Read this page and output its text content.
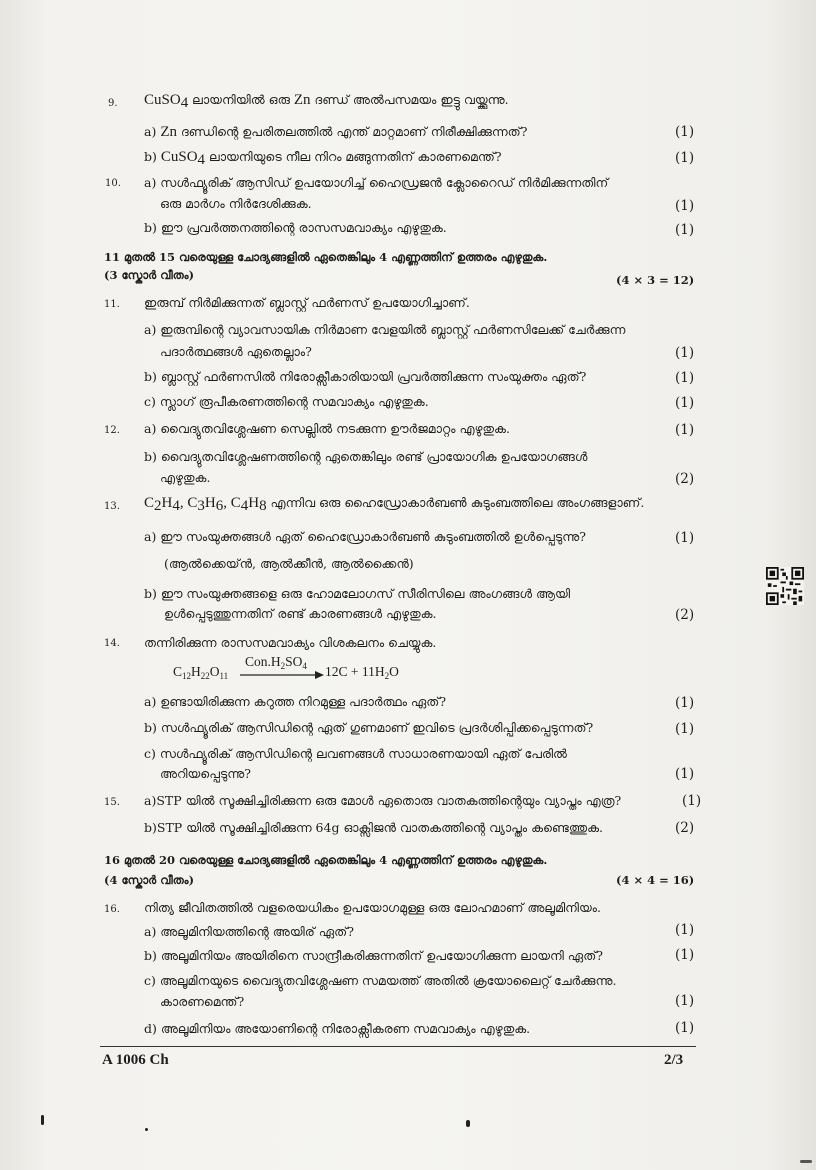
9. CuSO$_4$ ലായനിയിൽ ഒരു Zn ദണ്ഡ് അൽപസമയം ഇട്ടു വയ്ക്കുന്നു.
a) Zn ദണ്ഡിന്റെ ഉപരിതലത്തിൽ എന്ത് മാറ്റമാണ് നിരീക്ഷിക്കുന്നത്?	(1)
b) CuSO$_4$ ലായനിയുടെ നീല നിറം മങ്ങുന്നതിന് കാരണമെന്ത്?	(1)
10. a) സൾഫ്യൂരിക് ആസിഡ് ഉപയോഗിച്ച് ഹൈഡ്രജൻ ക്ലോറൈഡ് നിർമിക്കുന്നതിന്
ഒരു മാർഗം നിർദേശിക്കുക.	(1)
b) ഈ പ്രവർത്തനത്തിന്റെ രാസസമവാക്യം എഴുതുക.	(1)
11 മുതൽ 15 വരെയുള്ള ചോദ്യങ്ങളിൽ ഏതെങ്കിലും 4 എണ്ണത്തിന് ഉത്തരം എഴുതുക.
(3 സ്കോർ വീതം)	(4 × 3 = 12)
11. ഇരുമ്പ് നിർമിക്കുന്നത് ബ്ലാസ്റ്റ് ഫർണസ് ഉപയോഗിച്ചാണ്.
a) ഇരുമ്പിന്റെ വ്യാവസായിക നിർമാണ വേളയിൽ ബ്ലാസ്റ്റ് ഫർണസിലേക്ക് ചേർക്കുന്ന
പദാർത്ഥങ്ങൾ ഏതെല്ലാം?	(1)
b) ബ്ലാസ്റ്റ് ഫർണസിൽ നിരോക്സീകാരിയായി പ്രവർത്തിക്കുന്ന സംയുക്തം ഏത്?	(1)
c) സ്ലാഗ് രൂപീകരണത്തിന്റെ സമവാക്യം എഴുതുക.	(1)
12. a) വൈദ്യുതവിശ്ലേഷണ സെല്ലിൽ നടക്കുന്ന ഊർജമാറ്റം എഴുതുക.	(1)
b) വൈദ്യുതവിശ്ലേഷണത്തിന്റെ ഏതെങ്കിലും രണ്ട് പ്രായോഗിക ഉപയോഗങ്ങൾ
എഴുതുക.	(2)
13. $C_2H_4$, $C_3H_6$, $C_4H_8$ എന്നിവ ഒരു ഹൈഡ്രോകാർബൺ കുടുംബത്തിലെ അംഗങ്ങളാണ്.
a) ഈ സംയുക്തങ്ങൾ ഏത് ഹൈഡ്രോകാർബൺ കുടുംബത്തിൽ ഉൾപ്പെടുന്നു?	(1)
(ആൽക്കെയ്ൻ, ആൽക്കീൻ, ആൽക്കൈൻ)
b) ഈ സംയുക്തങ്ങളെ ഒരു ഹോമലോഗസ് സീരിസിലെ അംഗങ്ങൾ ആയി
ഉൾപ്പെടുത്തുന്നതിന് രണ്ട് കാരണങ്ങൾ എഴുതുക.	(2)
14. തന്നിരിക്കുന്ന രാസസമവാക്യം വിശകലനം ചെയ്യുക.
$Con.H_2SO_4$
$C_{12}H_{22}O_{11}$	$12C + 11H_2O$
a) ഉണ്ടായിരിക്കുന്ന കറുത്ത നിറമുള്ള പദാർത്ഥം ഏത്?	(1)
b) സൾഫ്യൂരിക് ആസിഡിന്റെ ഏത് ഗുണമാണ് ഇവിടെ പ്രദർശിപ്പിക്കപ്പെടുന്നത്?	(1)
c) സൾഫ്യൂരിക് ആസിഡിന്റെ ലവണങ്ങൾ സാധാരണയായി ഏത് പേരിൽ
അറിയപ്പെടുന്നു?	(1)
15. a)STP യിൽ സൂക്ഷിച്ചിരിക്കുന്ന ഒരു മോൾ ഏതൊരു വാതകത്തിന്റെയും വ്യാപ്തം എത്ര?	(1)
b)STP യിൽ സൂക്ഷിച്ചിരിക്കുന്ന 64g ഓക്സിജൻ വാതകത്തിന്റെ വ്യാപ്തം കണ്ടെത്തുക.	(2)
16 മുതൽ 20 വരെയുള്ള ചോദ്യങ്ങളിൽ ഏതെങ്കിലും 4 എണ്ണത്തിന് ഉത്തരം എഴുതുക.
(4 സ്കോർ വീതം)	(4 × 4 = 16)
16. നിത്യ ജീവിതത്തിൽ വളരെയധികം ഉപയോഗമുള്ള ഒരു ലോഹമാണ് അലൂമിനിയം.
a) അലൂമിനിയത്തിന്റെ അയിര് ഏത്?	(1)
b) അലൂമിനിയം അയിരിനെ സാന്ദ്രീകരിക്കുന്നതിന് ഉപയോഗിക്കുന്ന ലായനി ഏത്?	(1)
c) അലൂമിനയുടെ വൈദ്യുതവിശ്ലേഷണ സമയത്ത് അതിൽ ക്രയോലൈറ്റ് ചേർക്കുന്നു.
കാരണമെന്ത്?	(1)
d) അലൂമിനിയം അയോണിന്റെ നിരോക്സീകരണ സമവാക്യം എഴുതുക.	(1)
A 1006 Ch	2/3
